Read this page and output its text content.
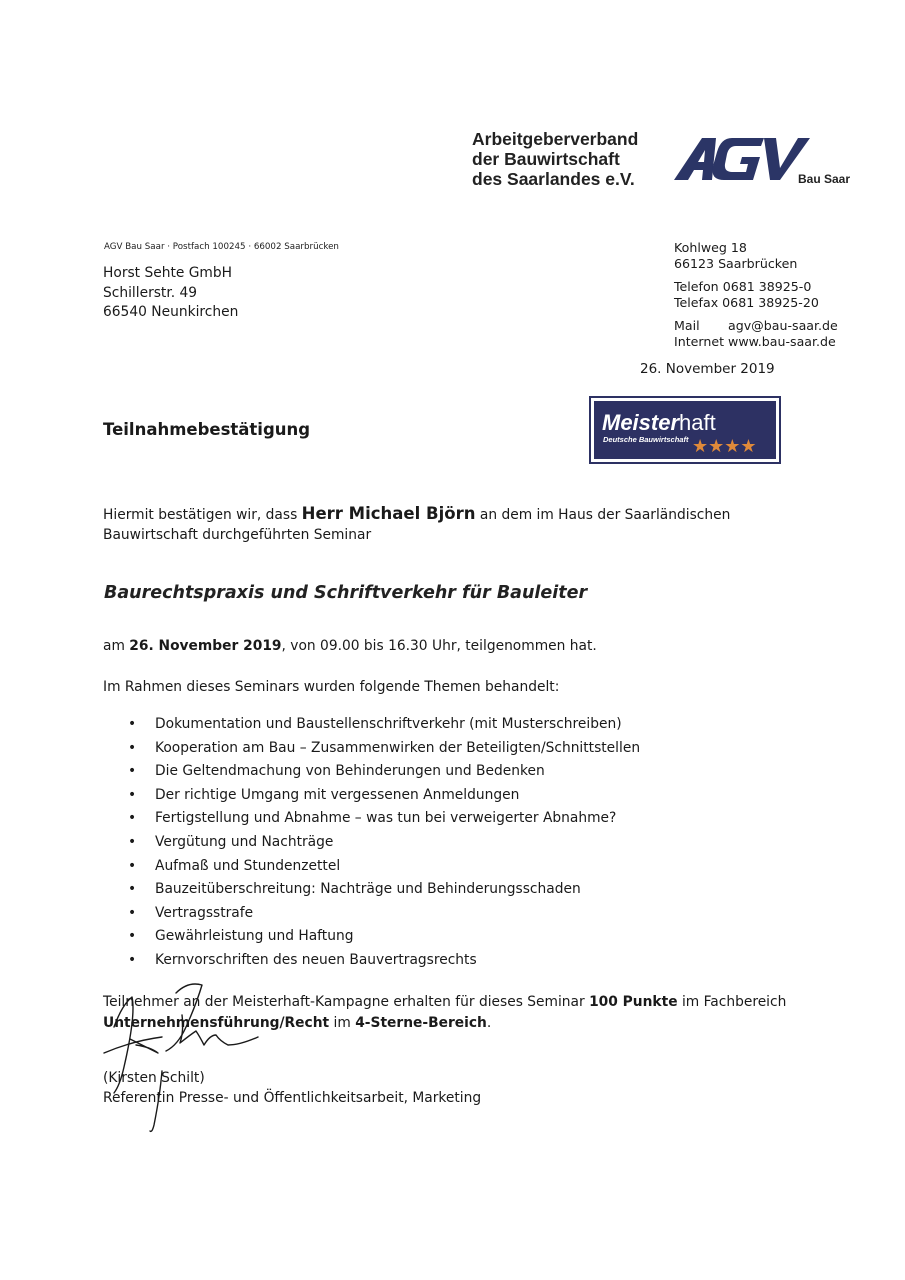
Arbeitgeberverband
der Bauwirtschaft
des Saarlandes e.V.	Bau Saar
AGV Bau Saar · Postfach 100245 · 66002 Saarbrücken
Horst Sehte GmbH
Schillerstr. 49
66540 Neunkirchen
Kohlweg 18
66123 Saarbrücken
Telefon 0681 38925-0
Telefax 0681 38925-20
Mail agv@bau-saar.de
Internet www.bau-saar.de
26. November 2019
Teilnahmebestätigung	Meisterhaft
Deutsche Bauwirtschaft ★★★★
Hiermit bestätigen wir, dass Herr Michael Björn an dem im Haus der Saarländischen
Bauwirtschaft durchgeführten Seminar
Baurechtspraxis und Schriftverkehr für Bauleiter
am 26. November 2019, von 09.00 bis 16.30 Uhr, teilgenommen hat.
Im Rahmen dieses Seminars wurden folgende Themen behandelt:
• Dokumentation und Baustellenschriftverkehr (mit Musterschreiben)
• Kooperation am Bau – Zusammenwirken der Beteiligten/Schnittstellen
• Die Geltendmachung von Behinderungen und Bedenken
• Der richtige Umgang mit vergessenen Anmeldungen
• Fertigstellung und Abnahme – was tun bei verweigerter Abnahme?
• Vergütung und Nachträge
• Aufmaß und Stundenzettel
• Bauzeitüberschreitung: Nachträge und Behinderungsschaden
• Vertragsstrafe
• Gewährleistung und Haftung
• Kernvorschriften des neuen Bauvertragsrechts
Teilnehmer an der Meisterhaft-Kampagne erhalten für dieses Seminar 100 Punkte im Fachbereich
Unternehmensführung/Recht im 4-Sterne-Bereich.
(Kirsten Schilt)
Referentin Presse- und Öffentlichkeitsarbeit, Marketing
